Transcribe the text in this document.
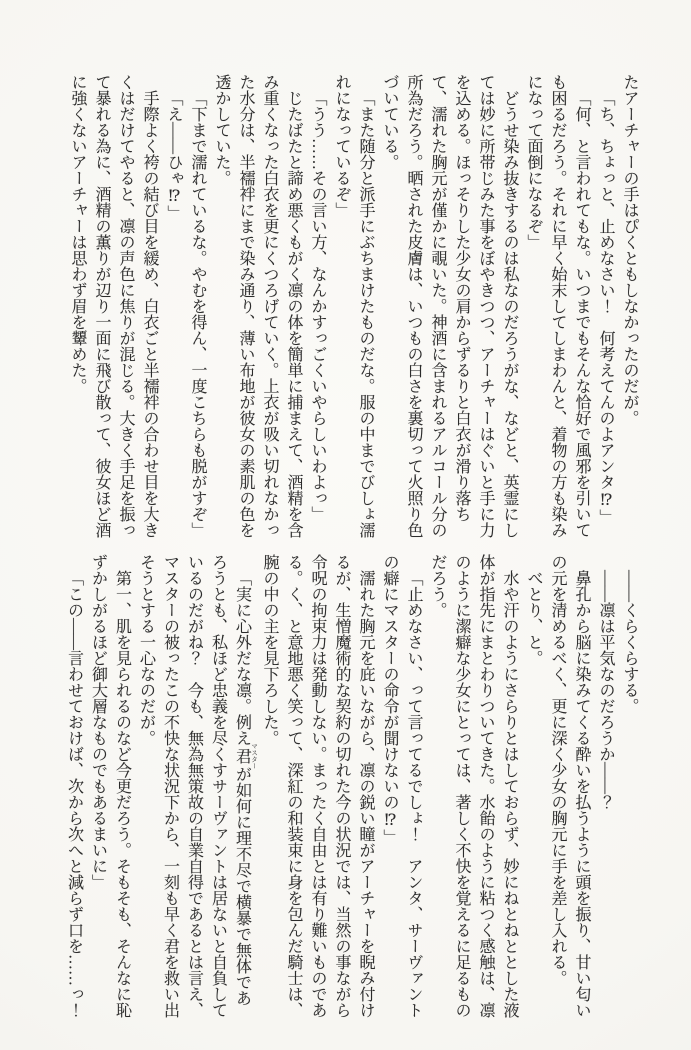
たアーチャーの手はぴくともしなかったのだが。

「ち、ちょっと、止めなさい！　何考えてんのよアンタ⁉」

「何、と言われてもな。いつまでもそんな恰好で風邪を引いても困るだろう。それに早く始末してしまわんと、着物の方も染みになって面倒になるぞ」

どうせ染み抜きするのは私なのだろうがな、などと、英霊にしては妙に所帯じみた事をぼやきつつ、アーチャーはぐいと手に力を込める。ほっそりした少女の肩からずるりと白衣が滑り落ちて、濡れた胸元が僅かに覗いた。神酒に含まれるアルコール分の所為だろう。晒された皮膚は、いつもの白さを裏切って火照り色づいている。

「また随分と派手にぶちまけたものだな。服の中までびしょ濡れになっているぞ」

「うう……その言い方、なんかすっごくいやらしいわよっ」

じたばたと諦め悪くもがく凛の体を簡単に捕まえて、酒精を含み重くなった白衣を更にくつろげていく。上衣が吸い切れなかった水分は、半襦袢にまで染み通り、薄い布地が彼女の素肌の色を透かしていた。

「下まで濡れているな。やむを得ん、一度こちらも脱がすぞ」

「え——ひゃ⁉」

手際よく袴の結び目を緩め、白衣ごと半襦袢の合わせ目を大きくはだけてやると、凛の声色に焦りが混じる。大きく手足を振って暴れる為に、酒精の薫りが辺り一面に飛び散って、彼女ほど酒に強くないアーチャーは思わず眉を顰めた。

——くらくらする。

——凛は平気なのだろうか——？

鼻孔から脳に染みてくる酔いを払うように頭を振り、甘い匂いの元を清めるべく、更に深く少女の胸元に手を差し入れる。

べとり、と。

水や汗のようにさらりとはしておらず、妙にねとねととした液体が指先にまとわりついてきた。水飴のように粘つく感触は、凛のように潔癖な少女にとっては、著しく不快を覚えるに足るものだろう。

「止めなさい、って言ってるでしょ！　アンタ、サーヴァントの癖にマスターの命令が聞けないの⁉」

濡れた胸元を庇いながら、凛の鋭い瞳がアーチャーを睨み付けるが、生憎魔術的な契約の切れた今の状況では、当然の事ながら令呪の拘束力は発動しない。まったく自由とは有り難いものである。く、と意地悪く笑って、深紅の和装束に身を包んだ騎士は、腕の中の主を見下ろした。

「実に心外だな凛。例え君 マスターが如何に理不尽で横暴で無体であろうとも、私ほど忠義を尽くすサーヴァントは居ないと自負しているのだがね？　今も、無為無策故の自業自得であるとは言え、マスターの被ったこの不快な状況下から、一刻も早く君を救い出そうとする一心なのだが。

第一、肌を見られるのなど今更だろう。そもそも、そんなに恥ずかしがるほど御大層なものでもあるまいに」

「この——言わせておけば、次から次へと減らず口を……っ！
